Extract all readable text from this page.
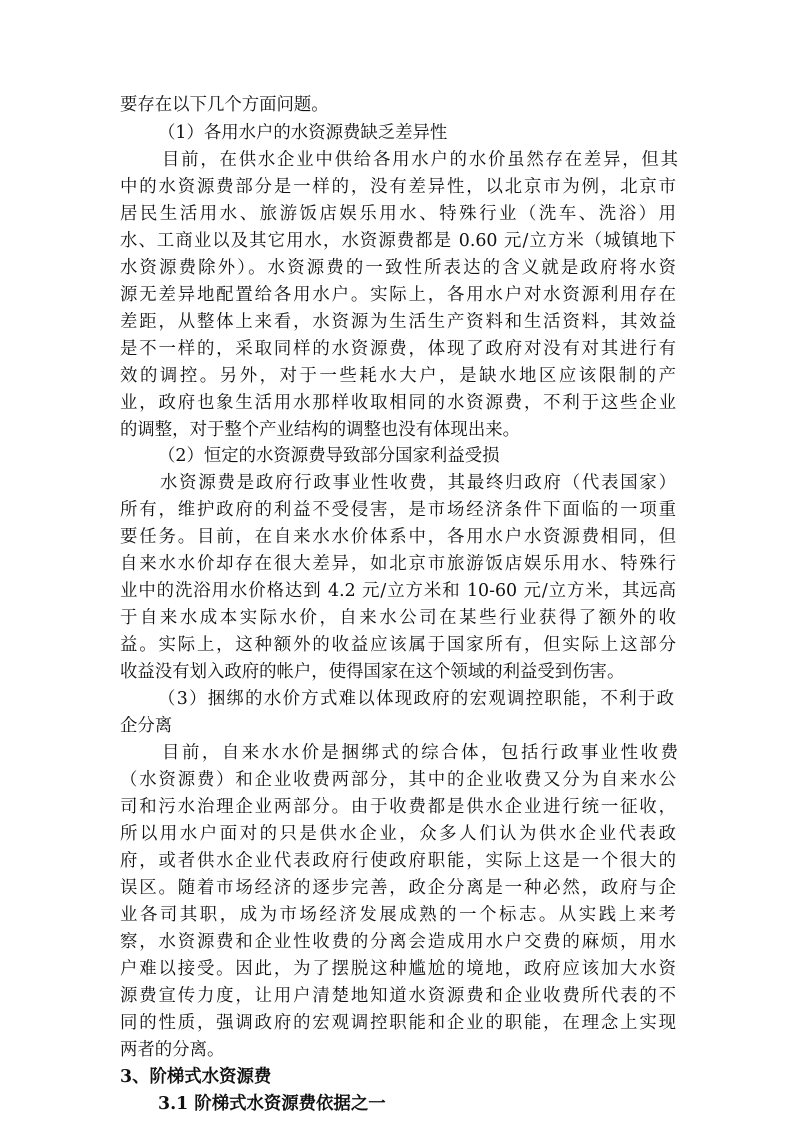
要存在以下几个方面问题。
（1）各用水户的水资源费缺乏差异性
目前，在供水企业中供给各用水户的水价虽然存在差异，但其
中的水资源费部分是一样的，没有差异性，以北京市为例，北京市
居民生活用水、旅游饭店娱乐用水、特殊行业（洗车、洗浴）用
水、工商业以及其它用水，水资源费都是 0.60 元/立方米（城镇地下
水资源费除外）。水资源费的一致性所表达的含义就是政府将水资
源无差异地配置给各用水户。实际上，各用水户对水资源利用存在
差距，从整体上来看，水资源为生活生产资料和生活资料，其效益
是不一样的，采取同样的水资源费，体现了政府对没有对其进行有
效的调控。另外，对于一些耗水大户，是缺水地区应该限制的产
业，政府也象生活用水那样收取相同的水资源费，不利于这些企业
的调整，对于整个产业结构的调整也没有体现出来。
（2）恒定的水资源费导致部分国家利益受损
水资源费是政府行政事业性收费，其最终归政府（代表国家）
所有，维护政府的利益不受侵害，是市场经济条件下面临的一项重
要任务。目前，在自来水水价体系中，各用水户水资源费相同，但
自来水水价却存在很大差异，如北京市旅游饭店娱乐用水、特殊行
业中的洗浴用水价格达到 4.2 元/立方米和 10-60 元/立方米，其远高
于自来水成本实际水价，自来水公司在某些行业获得了额外的收
益。实际上，这种额外的收益应该属于国家所有，但实际上这部分
收益没有划入政府的帐户，使得国家在这个领域的利益受到伤害。
（3）捆绑的水价方式难以体现政府的宏观调控职能，不利于政
企分离
目前，自来水水价是捆绑式的综合体，包括行政事业性收费
（水资源费）和企业收费两部分，其中的企业收费又分为自来水公
司和污水治理企业两部分。由于收费都是供水企业进行统一征收，
所以用水户面对的只是供水企业，众多人们认为供水企业代表政
府，或者供水企业代表政府行使政府职能，实际上这是一个很大的
误区。随着市场经济的逐步完善，政企分离是一种必然，政府与企
业各司其职，成为市场经济发展成熟的一个标志。从实践上来考
察，水资源费和企业性收费的分离会造成用水户交费的麻烦，用水
户难以接受。因此，为了摆脱这种尴尬的境地，政府应该加大水资
源费宣传力度，让用户清楚地知道水资源费和企业收费所代表的不
同的性质，强调政府的宏观调控职能和企业的职能，在理念上实现
两者的分离。
3、阶梯式水资源费
3.1 阶梯式水资源费依据之一
